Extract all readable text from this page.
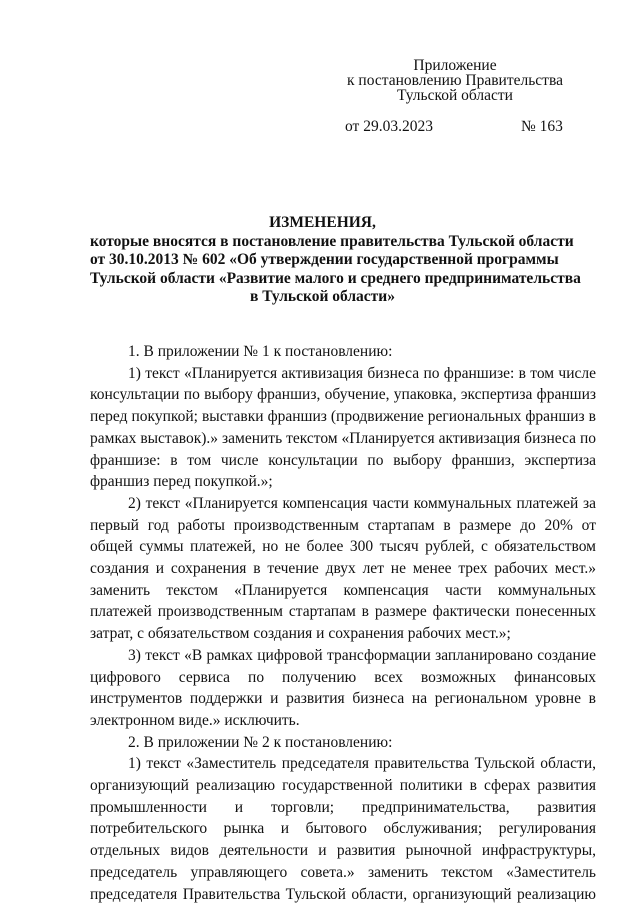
Приложение
к постановлению Правительства
Тульской области
от 29.03.2023	№ 163
ИЗМЕНЕНИЯ,
которые вносятся в постановление правительства Тульской области
от 30.10.2013 № 602 «Об утверждении государственной программы
Тульской области «Развитие малого и среднего предпринимательства
в Тульской области»

1. В приложении № 1 к постановлению:

1) текст «Планируется активизация бизнеса по франшизе: в том числе консультации по выбору франшиз, обучение, упаковка, экспертиза франшиз перед покупкой; выставки франшиз (продвижение региональных франшиз в рамках выставок).» заменить текстом «Планируется активизация бизнеса по франшизе: в том числе консультации по выбору франшиз, экспертиза франшиз перед покупкой.»;

2) текст «Планируется компенсация части коммунальных платежей за первый год работы производственным стартапам в размере до 20% от общей суммы платежей, но не более 300 тысяч рублей, с обязательством создания и сохранения в течение двух лет не менее трех рабочих мест.» заменить текстом «Планируется компенсация части коммунальных платежей производственным стартапам в размере фактически понесенных затрат, с обязательством создания и сохранения рабочих мест.»;

3) текст «В рамках цифровой трансформации запланировано создание цифрового сервиса по получению всех возможных финансовых инструментов поддержки и развития бизнеса на региональном уровне в электронном виде.» исключить.

2. В приложении № 2 к постановлению:

1) текст «Заместитель председателя правительства Тульской области, организующий реализацию государственной политики в сферах развития промышленности и торговли; предпринимательства, развития потребительского рынка и бытового обслуживания; регулирования отдельных видов деятельности и развития рыночной инфраструктуры, председатель управляющего совета.» заменить текстом «Заместитель председателя Правительства Тульской области, организующий реализацию
